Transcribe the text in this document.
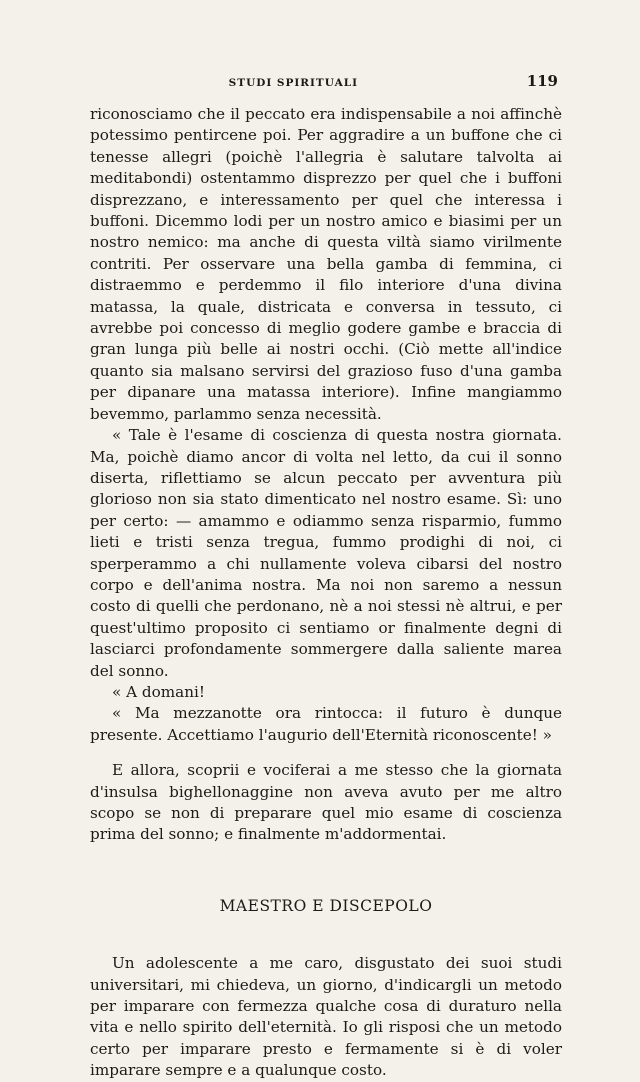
STUDI SPIRITUALI	119

riconosciamo che il peccato era indispensabile a noi affinchè potessimo pentircene poi. Per aggradire a un buffone che ci tenesse allegri (poichè l'allegria è salutare talvolta ai meditabondi) ostentammo disprezzo per quel che i buffoni disprezzano, e interessamento per quel che interessa i buffoni. Dicemmo lodi per un nostro amico e biasimi per un nostro nemico: ma anche di questa viltà siamo virilmente contriti. Per osservare una bella gamba di femmina, ci distraemmo e perdemmo il filo interiore d'una divina matassa, la quale, districata e conversa in tessuto, ci avrebbe poi concesso di meglio godere gambe e braccia di gran lunga più belle ai nostri occhi. (Ciò mette all'indice quanto sia malsano servirsi del grazioso fuso d'una gamba per dipanare una matassa interiore). Infine mangiammo bevemmo, parlammo senza necessità.

« Tale è l'esame di coscienza di questa nostra giornata. Ma, poichè diamo ancor di volta nel letto, da cui il sonno diserta, riflettiamo se alcun peccato per avventura più glorioso non sia stato dimenticato nel nostro esame. Sì: uno per certo: — amammo e odiammo senza risparmio, fummo lieti e tristi senza tregua, fummo prodighi di noi, ci sperperammo a chi nullamente voleva cibarsi del nostro corpo e dell'anima nostra. Ma noi non saremo a nessun costo di quelli che perdonano, nè a noi stessi nè altrui, e per quest'ultimo proposito ci sentiamo or finalmente degni di lasciarci profondamente sommergere dalla saliente marea del sonno.

« A domani!

« Ma mezzanotte ora rintocca: il futuro è dunque presente. Accettiamo l'augurio dell'Eternità riconoscente! »

E allora, scoprii e vociferai a me stesso che la giornata d'insulsa bighellonaggine non aveva avuto per me altro scopo se non di preparare quel mio esame di coscienza prima del sonno; e finalmente m'addormentai.

MAESTRO E DISCEPOLO

Un adolescente a me caro, disgustato dei suoi studi universitari, mi chiedeva, un giorno, d'indicargli un metodo per imparare con fermezza qualche cosa di duraturo nella vita e nello spirito dell'eternità. Io gli risposi che un metodo certo per imparare presto e fermamente si è di voler imparare sempre e a qualunque costo.
